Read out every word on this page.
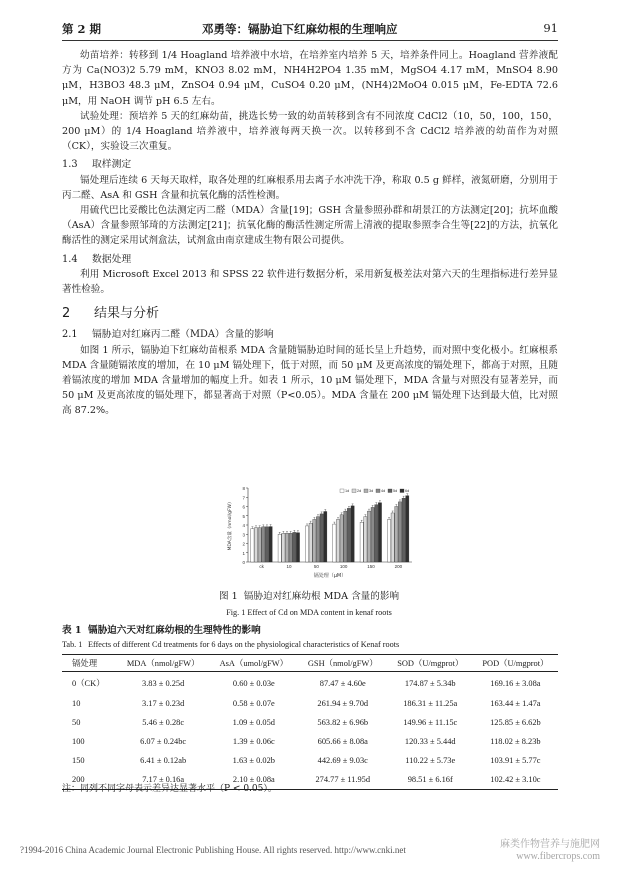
第 2 期	邓勇等：镉胁迫下红麻幼根的生理响应	91

幼苗培养：转移到 1/4 Hoagland 培养液中水培，在培养室内培养 5 天，培养条件同上。Hoagland 营养液配方为 Ca(NO3)2 5.79 mM，KNO3 8.02 mM，NH4H2PO4 1.35 mM，MgSO4 4.17 mM，MnSO4 8.90 μM，H3BO3 48.3 μM，ZnSO4 0.94 μM，CuSO4 0.20 μM，(NH4)2MoO4 0.015 μM，Fe-EDTA 72.6 μM，用 NaOH 调节 pH 6.5 左右。

试验处理：预培养 5 天的红麻幼苗，挑选长势一致的幼苗转移到含有不同浓度 CdCl2（10，50，100，150，200 μM）的 1/4 Hoagland 培养液中，培养液每两天换一次。以转移到不含 CdCl2 培养液的幼苗作为对照（CK），实验设三次重复。

1.3 取样测定

镉处理后连续 6 天每天取样，取各处理的红麻根系用去离子水冲洗干净，称取 0.5 g 鲜样，液氮研磨，分别用于丙二醛、AsA 和 GSH 含量和抗氧化酶的活性检测。

用硫代巴比妥酸比色法测定丙二醛（MDA）含量[19]；GSH 含量参照孙群和胡景江的方法测定[20]；抗坏血酸（AsA）含量参照邹琦的方法测定[21]；抗氧化酶的酶活性测定所需上清液的提取参照李合生等[22]的方法，抗氧化酶活性的测定采用试剂盒法，试剂盒由南京建成生物有限公司提供。

1.4 数据处理

利用 Microsoft Excel 2013 和 SPSS 22 软件进行数据分析，采用新复极差法对第六天的生理指标进行差异显著性检验。

2 结果与分析
2.1 镉胁迫对红麻丙二醛（MDA）含量的影响

如图 1 所示，镉胁迫下红麻幼苗根系 MDA 含量随镉胁迫时间的延长呈上升趋势，而对照中变化极小。红麻根系 MDA 含量随镉浓度的增加，在 10 μM 镉处理下，低于对照，而 50 μM 及更高浓度的镉处理下，都高于对照，且随着镉浓度的增加 MDA 含量增加的幅度上升。如表 1 所示，10 μM 镉处理下，MDA 含量与对照没有显著差异，而 50 μM 及更高浓度的镉处理下，都显著高于对照（P<0.05）。MDA 含量在 200 μM 镉处理下达到最大值，比对照高 87.2%。

0
1
2
3
4
5
6
7
8
MDA含量（nmol/gFW）
ck	10	50	100	150	200
镉处理（μM）
1d 2d 3d 4d 5d 6d
图 1 镉胁迫对红麻幼根 MDA 含量的影响
Fig. 1 Effect of Cd on MDA content in kenaf roots
表 1 镉胁迫六天对红麻幼根的生理特性的影响
Tab. 1 Effects of different Cd treatments for 6 days on the physiological characteristics of Kenaf roots
镉处理	MDA（nmol/gFW）	AsA（umol/gFW）	GSH（nmol/gFW）	SOD（U/mgprot）	POD（U/mgprot）
0（CK）	3.83 ± 0.25d	0.60 ± 0.03e	87.47 ± 4.60e	174.87 ± 5.34b	169.16 ± 3.08a
10	3.17 ± 0.23d	0.58 ± 0.07e	261.94 ± 9.70d	186.31 ± 11.25a	163.44 ± 1.47a
50	5.46 ± 0.28c	1.09 ± 0.05d	563.82 ± 6.96b	149.96 ± 11.15c	125.85 ± 6.62b
100	6.07 ± 0.24bc	1.39 ± 0.06c	605.66 ± 8.08a	120.33 ± 5.44d	118.02 ± 8.23b
150	6.41 ± 0.12ab	1.63 ± 0.02b	442.69 ± 9.03c	110.22 ± 5.73e	103.91 ± 5.77c
200	7.17 ± 0.16a	2.10 ± 0.08a	274.77 ± 11.95d	98.51 ± 6.16f	102.42 ± 3.10c
注：同列不同字母表示差异达显著水平（P < 0.05）。
?1994-2016 China Academic Journal Electronic Publishing House. All rights reserved. http://www.cnki.net	麻类作物营养与施肥网
www.fibercrops.com
